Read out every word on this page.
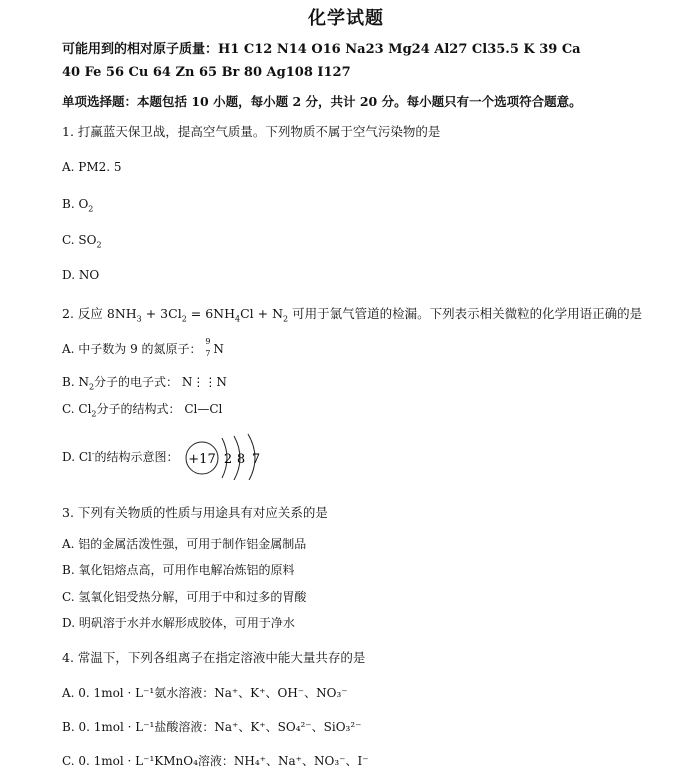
化学试题
可能用到的相对原子质量：H1 C12 N14 O16 Na23 Mg24 Al27 Cl35.5 K 39 Ca
40 Fe 56 Cu 64 Zn 65 Br 80 Ag108 I127
单项选择题：本题包括 10 小题，每小题 2 分，共计 20 分。每小题只有一个选项符合题意。
1. 打赢蓝天保卫战，提高空气质量。下列物质不属于空气污染物的是
A. PM2. 5
B. $O_2$
C. $SO_2$
D. NO
2. 反应 $8NH_3 + 3Cl_2 = 6NH_4Cl + N_2$ 可用于氯气管道的检漏。下列表示相关微粒的化学用语正确的是
A. 中子数为 9 的氮原子：
9
7 N
B. $N_2$分子的电子式： N⋮⋮N
C. $Cl_2$分子的结构式： Cl—Cl
D. Cl-的结构示意图： +17 2 8 7
3. 下列有关物质的性质与用途具有对应关系的是
A. 铝的金属活泼性强，可用于制作铝金属制品
B. 氧化铝熔点高，可用作电解冶炼铝的原料
C. 氢氧化铝受热分解，可用于中和过多的胃酸
D. 明矾溶于水并水解形成胶体，可用于净水
4. 常温下，下列各组离子在指定溶液中能大量共存的是
A. 0. 1mol · L⁻¹氨水溶液：Na⁺、K⁺、OH⁻、NO₃⁻
B. 0. 1mol · L⁻¹盐酸溶液：Na⁺、K⁺、SO₄²⁻、SiO₃²⁻
C. 0. 1mol · L⁻¹KMnO₄溶液：NH₄⁺、Na⁺、NO₃⁻、I⁻
